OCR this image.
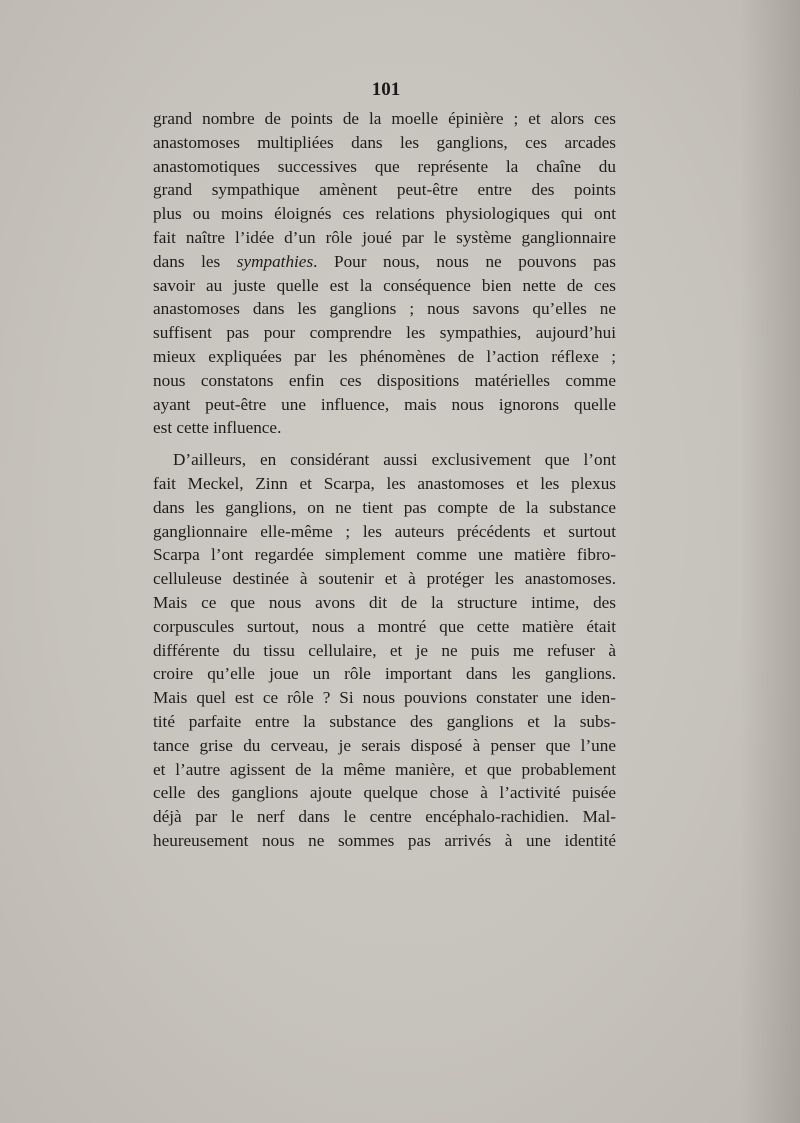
101
grand nombre de points de la moelle épinière ; et alors ces
anastomoses multipliées dans les ganglions, ces arcades
anastomotiques successives que représente la chaîne du
grand sympathique amènent peut-être entre des points
plus ou moins éloignés ces relations physiologiques qui ont
fait naître l’idée d’un rôle joué par le système ganglionnaire
dans les sympathies. Pour nous, nous ne pouvons pas
savoir au juste quelle est la conséquence bien nette de ces
anastomoses dans les ganglions ; nous savons qu’elles ne
suffisent pas pour comprendre les sympathies, aujourd’hui
mieux expliquées par les phénomènes de l’action réflexe ;
nous constatons enfin ces dispositions matérielles comme
ayant peut-être une influence, mais nous ignorons quelle
est cette influence.
D’ailleurs, en considérant aussi exclusivement que l’ont
fait Meckel, Zinn et Scarpa, les anastomoses et les plexus
dans les ganglions, on ne tient pas compte de la substance
ganglionnaire elle-même ; les auteurs précédents et surtout
Scarpa l’ont regardée simplement comme une matière fibro-
celluleuse destinée à soutenir et à protéger les anastomoses.
Mais ce que nous avons dit de la structure intime, des
corpuscules surtout, nous a montré que cette matière était
différente du tissu cellulaire, et je ne puis me refuser à
croire qu’elle joue un rôle important dans les ganglions.
Mais quel est ce rôle ? Si nous pouvions constater une iden-
tité parfaite entre la substance des ganglions et la subs-
tance grise du cerveau, je serais disposé à penser que l’une
et l’autre agissent de la même manière, et que probablement
celle des ganglions ajoute quelque chose à l’activité puisée
déjà par le nerf dans le centre encéphalo-rachidien. Mal-
heureusement nous ne sommes pas arrivés à une identité
